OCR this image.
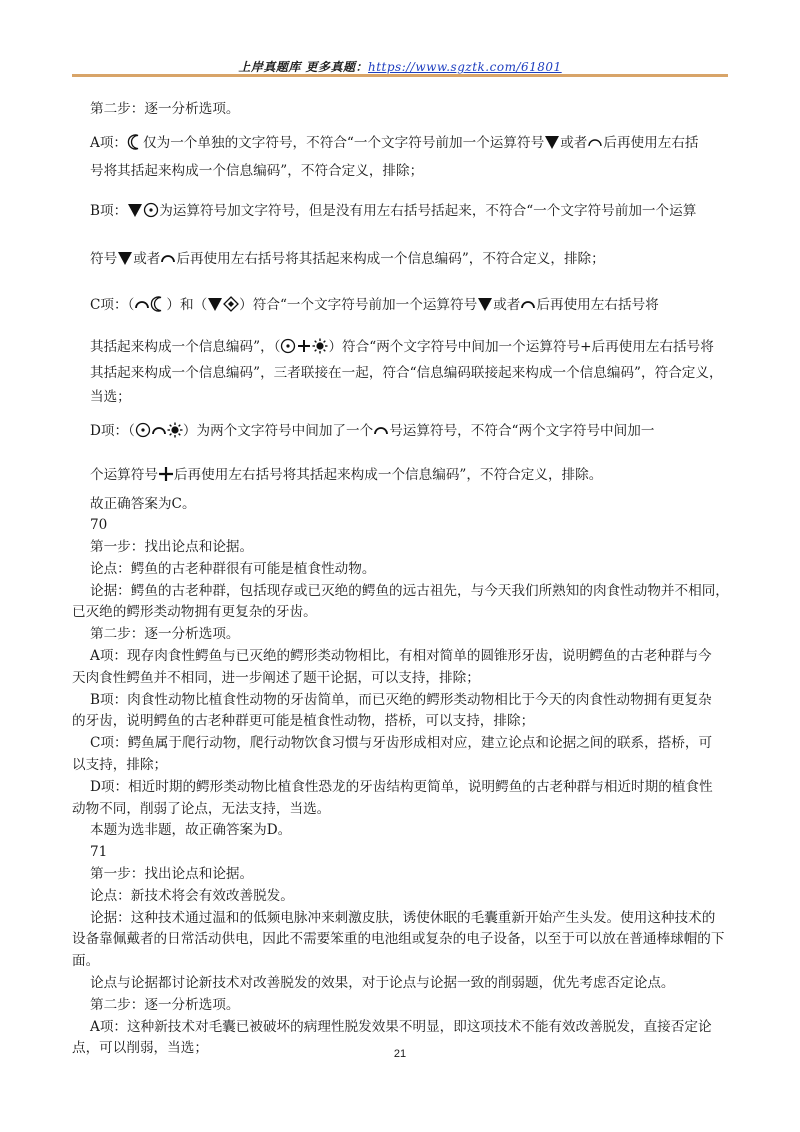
上岸真题库 更多真题：https://www.sgztk.com/61801

第二步：逐一分析选项。

A项： 仅为一个单独的文字符号，不符合“一个文字符号前加一个运算符号 或者 后再使用左右括

号将其括起来构成一个信息编码”，不符合定义，排除；

B项： 为运算符号加文字符号，但是没有用左右括号括起来，不符合“一个文字符号前加一个运算

符号 或者 后再使用左右括号将其括起来构成一个信息编码”，不符合定义，排除；

C项：（ ）和（ ）符合“一个文字符号前加一个运算符号 或者 后再使用左右括号将

其括起来构成一个信息编码”，（	）符合“两个文字符号中间加一个运算符号+后再使用左右括号将

其括起来构成一个信息编码”，三者联接在一起，符合“信息编码联接起来构成一个信息编码”，符合定义，

当选；

D项：（	）为两个文字符号中间加了一个 号运算符号，不符合“两个文字符号中间加一

个运算符号 后再使用左右括号将其括起来构成一个信息编码”，不符合定义，排除。

故正确答案为C。

70

第一步：找出论点和论据。

论点：鳄鱼的古老种群很有可能是植食性动物。

论据：鳄鱼的古老种群，包括现存或已灭绝的鳄鱼的远古祖先，与今天我们所熟知的肉食性动物并不相同，

已灭绝的鳄形类动物拥有更复杂的牙齿。

第二步：逐一分析选项。

A项：现存肉食性鳄鱼与已灭绝的鳄形类动物相比，有相对简单的圆锥形牙齿，说明鳄鱼的古老种群与今

天肉食性鳄鱼并不相同，进一步阐述了题干论据，可以支持，排除；

B项：肉食性动物比植食性动物的牙齿简单，而已灭绝的鳄形类动物相比于今天的肉食性动物拥有更复杂

的牙齿，说明鳄鱼的古老种群更可能是植食性动物，搭桥，可以支持，排除；

C项：鳄鱼属于爬行动物，爬行动物饮食习惯与牙齿形成相对应，建立论点和论据之间的联系，搭桥，可

以支持，排除；

D项：相近时期的鳄形类动物比植食性恐龙的牙齿结构更简单，说明鳄鱼的古老种群与相近时期的植食性

动物不同，削弱了论点，无法支持，当选。

本题为选非题，故正确答案为D。

71

第一步：找出论点和论据。

论点：新技术将会有效改善脱发。

论据：这种技术通过温和的低频电脉冲来刺激皮肤，诱使休眠的毛囊重新开始产生头发。使用这种技术的

设备靠佩戴者的日常活动供电，因此不需要笨重的电池组或复杂的电子设备，以至于可以放在普通棒球帽的下

面。

论点与论据都讨论新技术对改善脱发的效果，对于论点与论据一致的削弱题，优先考虑否定论点。

第二步：逐一分析选项。

A项：这种新技术对毛囊已被破坏的病理性脱发效果不明显，即这项技术不能有效改善脱发，直接否定论

点，可以削弱，当选；	21
